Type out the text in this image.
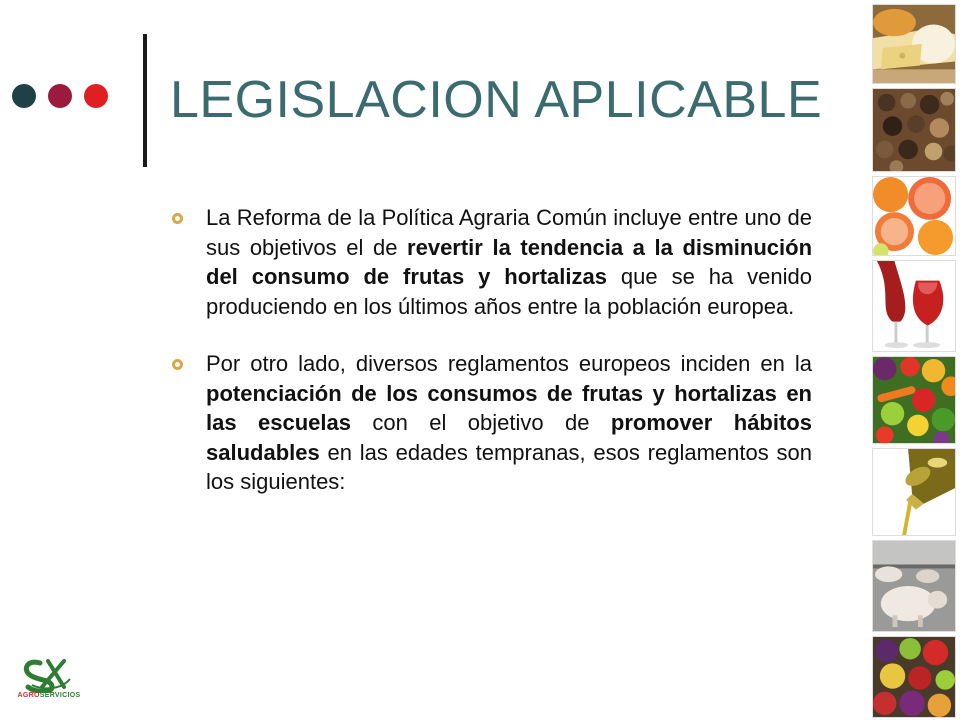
LEGISLACION APLICABLE
La Reforma de la Política Agraria Común incluye entre uno de sus objetivos el de revertir la tendencia a la disminución del consumo de frutas y hortalizas que se ha venido produciendo en los últimos años entre la población europea.
Por otro lado, diversos reglamentos europeos inciden en la potenciación de los consumos de frutas y hortalizas en las escuelas con el objetivo de promover hábitos saludables en las edades tempranas, esos reglamentos son los siguientes:
AGROSERVICIOS
